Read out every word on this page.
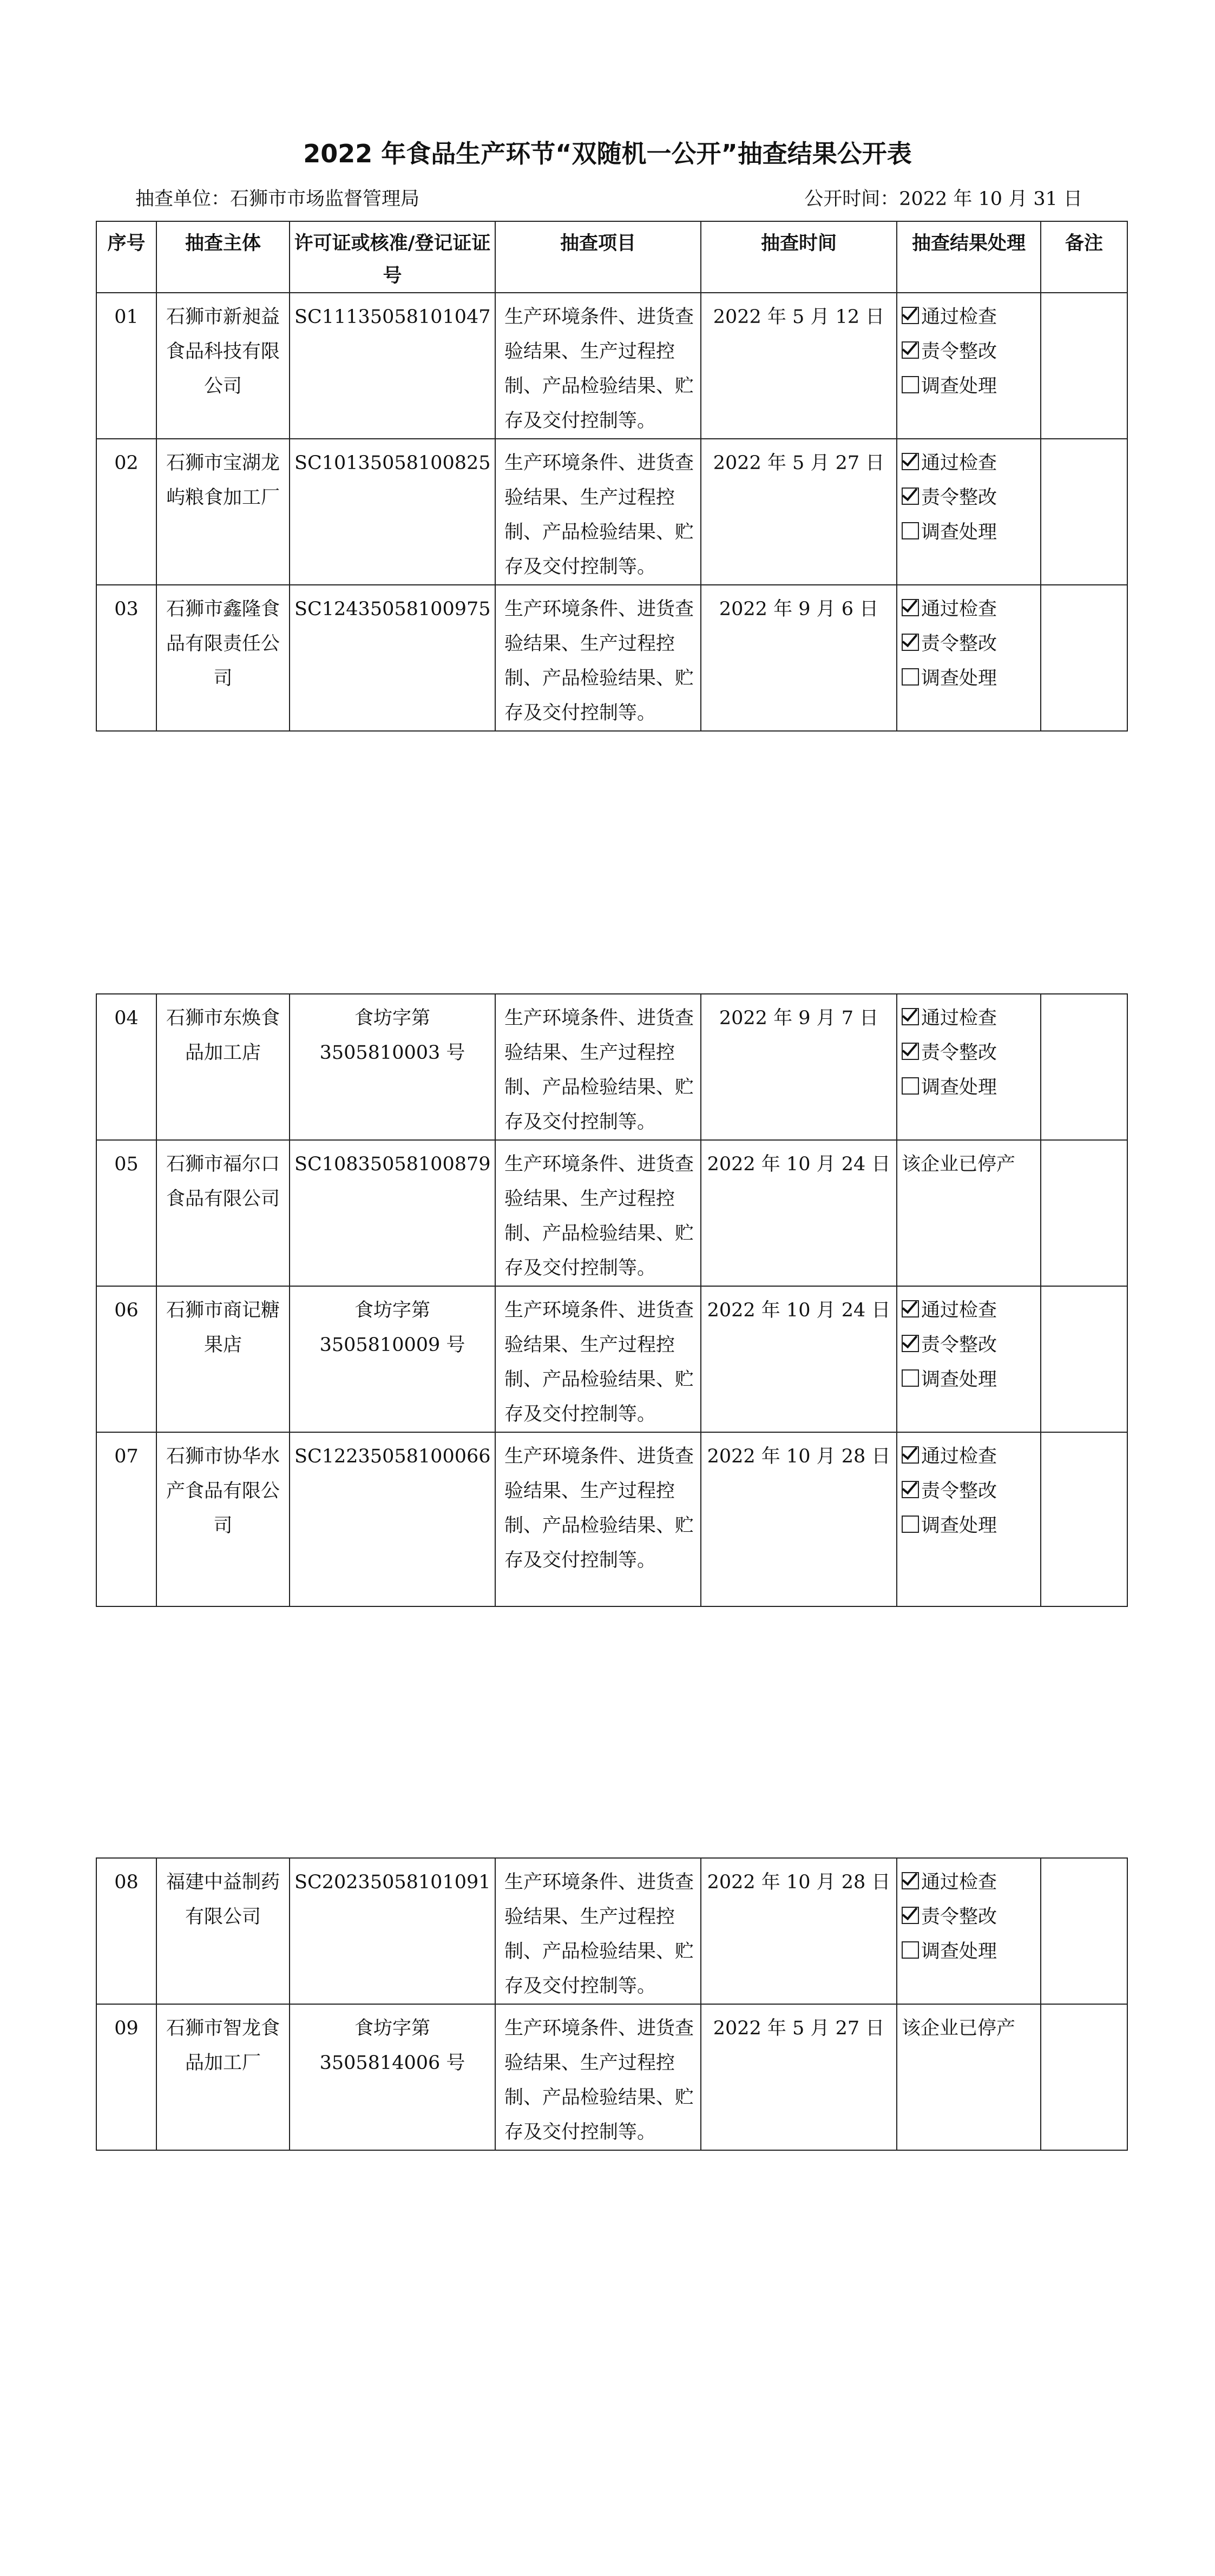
2022 年食品生产环节“双随机一公开”抽查结果公开表
抽查单位：石狮市市场监督管理局	公开时间：2022 年 10 月 31 日
序号	抽查主体	许可证或核准/登记证证号	抽查项目	抽查时间	抽查结果处理	备注
01	石狮市新昶益食品科技有限公司	SC11135058101047	生产环境条件、进货查验结果、生产过程控制、产品检验结果、贮存及交付控制等。	2022 年 5 月 12 日	通过检查
责令整改
调查处理	

02	石狮市宝湖龙屿粮食加工厂	SC10135058100825	生产环境条件、进货查验结果、生产过程控制、产品检验结果、贮存及交付控制等。	2022 年 5 月 27 日	通过检查
责令整改
调查处理	

03	石狮市鑫隆食品有限责任公司	SC12435058100975	生产环境条件、进货查验结果、生产过程控制、产品检验结果、贮存及交付控制等。	2022 年 9 月 6 日	通过检查
责令整改
调查处理	

04	石狮市东焕食品加工店	食坊字第 3505810003 号	生产环境条件、进货查验结果、生产过程控制、产品检验结果、贮存及交付控制等。	2022 年 9 月 7 日	通过检查
责令整改
调查处理	

05	石狮市福尔口食品有限公司	SC10835058100879	生产环境条件、进货查验结果、生产过程控制、产品检验结果、贮存及交付控制等。	2022 年 10 月 24 日	该企业已停产	
06	石狮市商记糖果店	食坊字第 3505810009 号	生产环境条件、进货查验结果、生产过程控制、产品检验结果、贮存及交付控制等。	2022 年 10 月 24 日	通过检查
责令整改
调查处理	

07	石狮市协华水产食品有限公司	SC12235058100066	生产环境条件、进货查验结果、生产过程控制、产品检验结果、贮存及交付控制等。	2022 年 10 月 28 日	通过检查
责令整改
调查处理	

08	福建中益制药有限公司	SC20235058101091	生产环境条件、进货查验结果、生产过程控制、产品检验结果、贮存及交付控制等。	2022 年 10 月 28 日	通过检查
责令整改
调查处理	

09	石狮市智龙食品加工厂	食坊字第 3505814006 号	生产环境条件、进货查验结果、生产过程控制、产品检验结果、贮存及交付控制等。	2022 年 5 月 27 日	该企业已停产	
